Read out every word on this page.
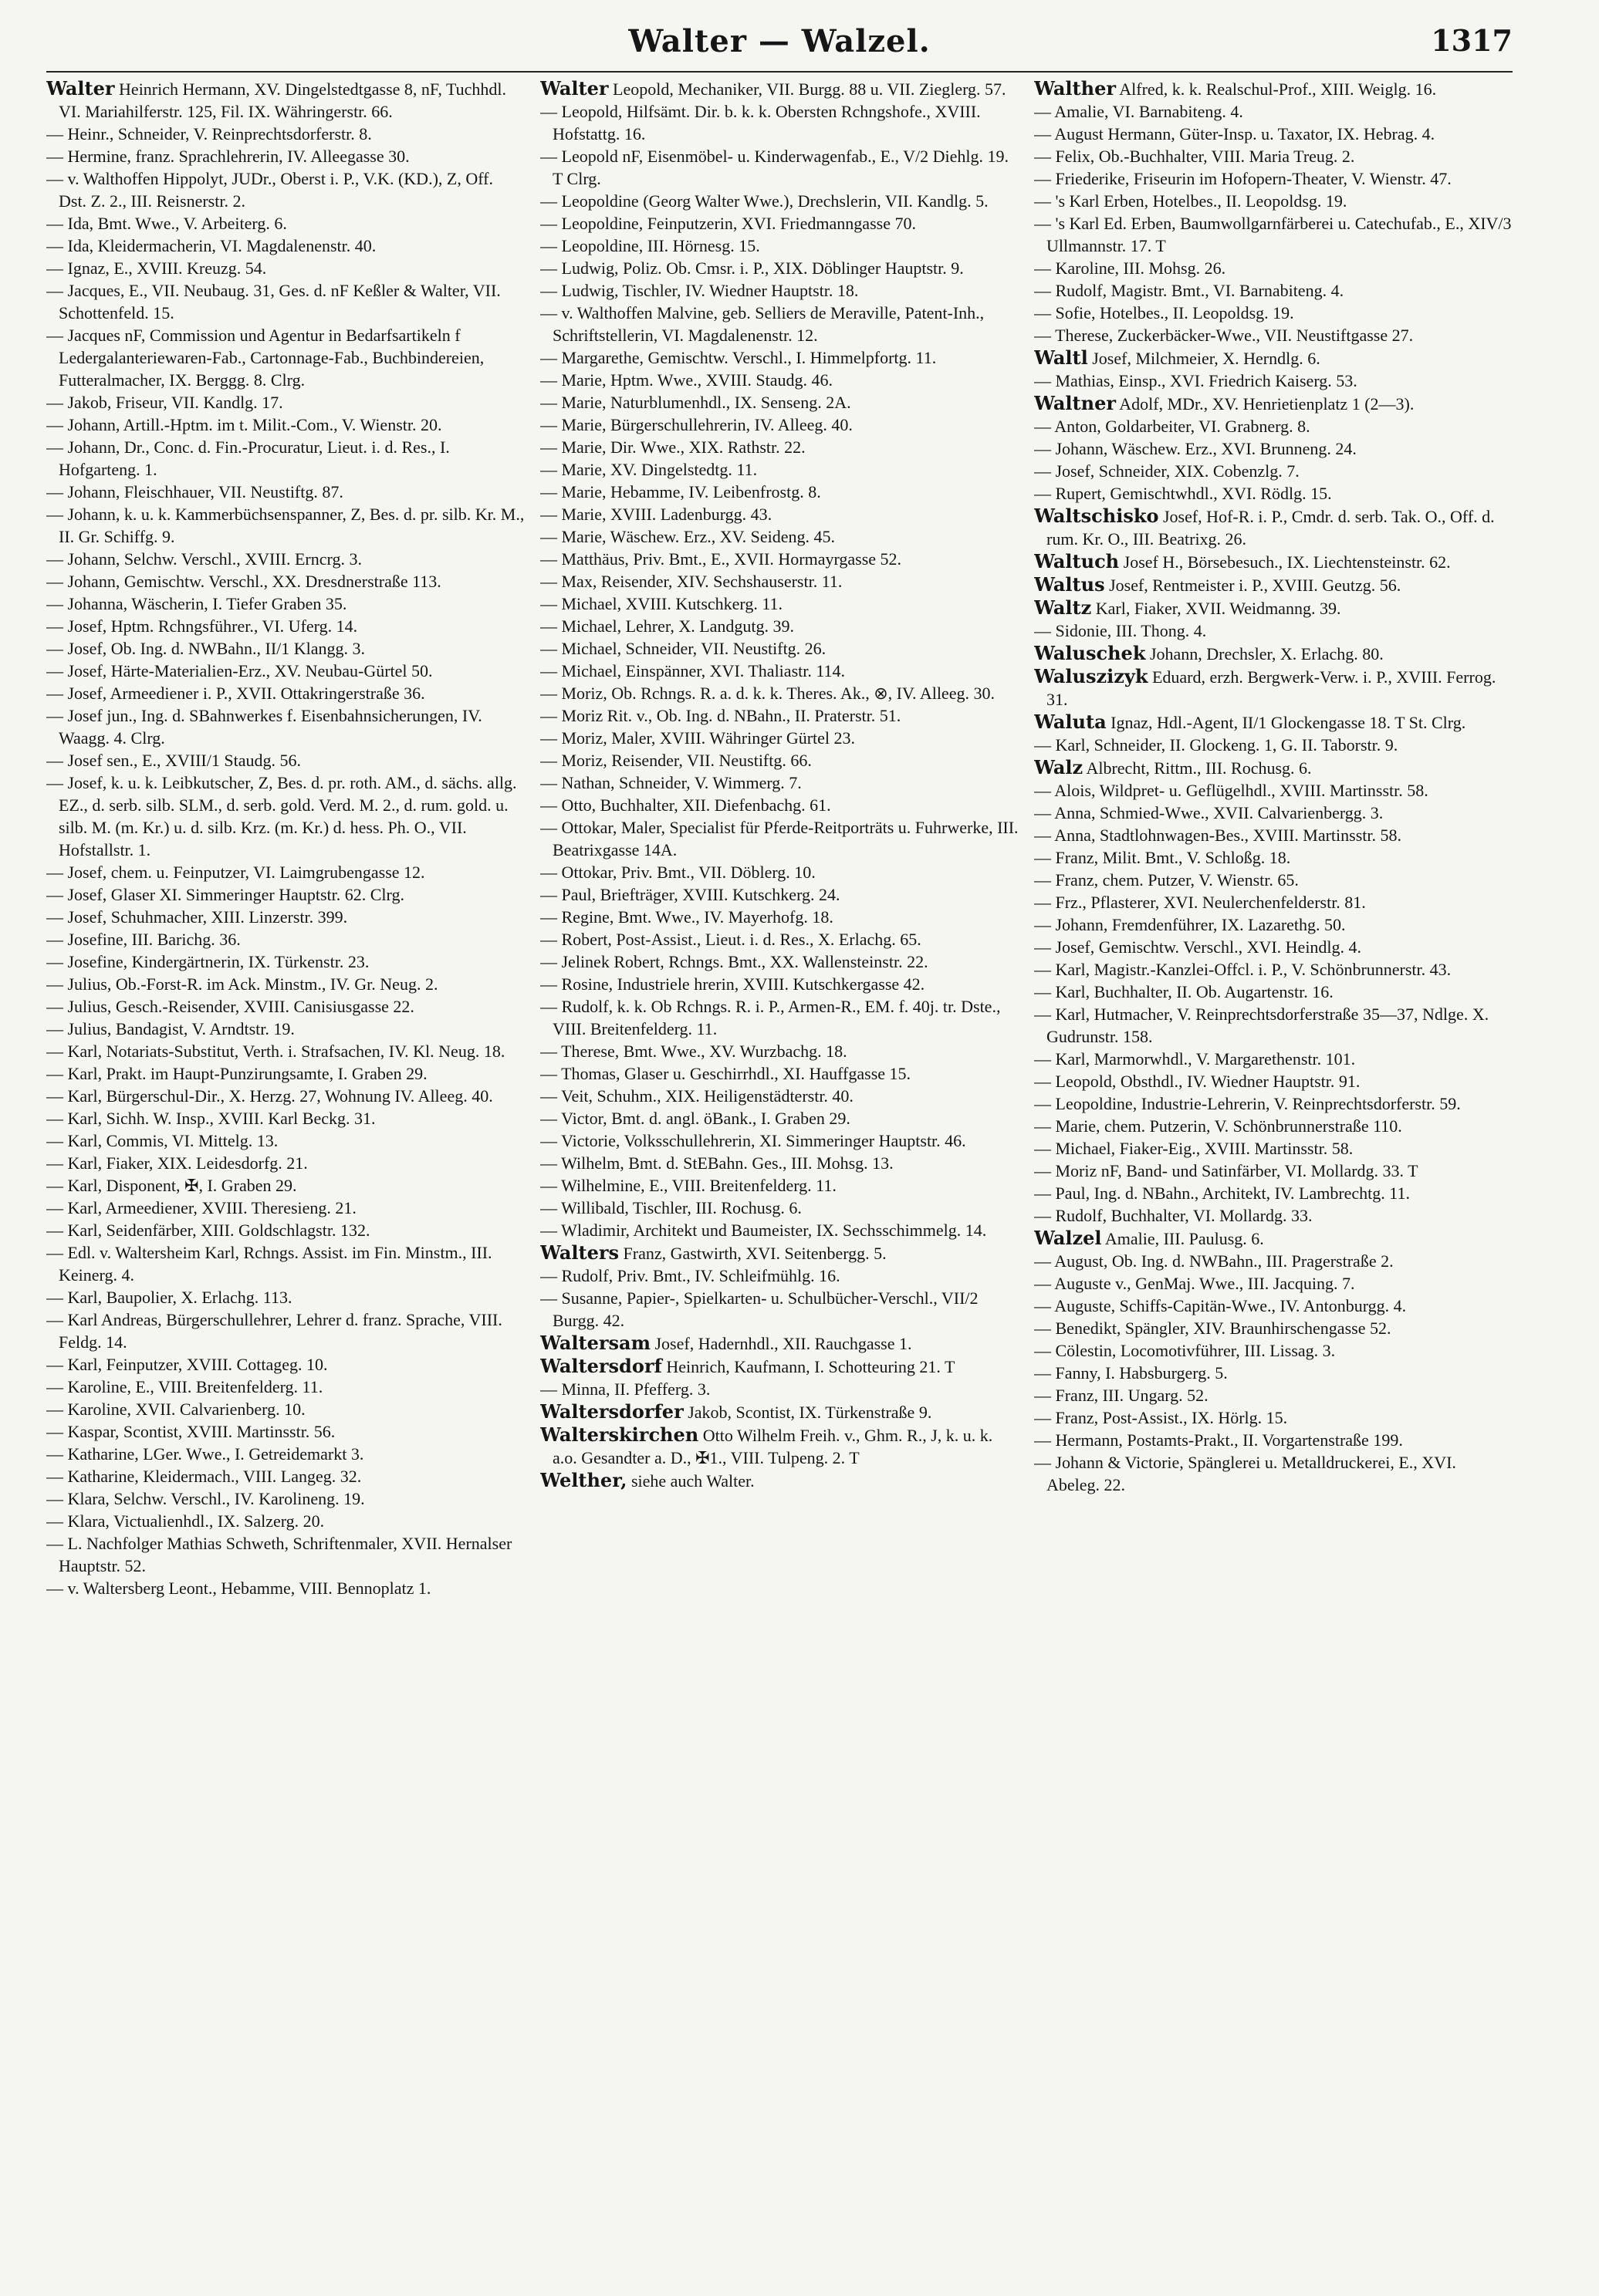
Walter — Walzel.	1317

Walter Heinrich Hermann, XV. Dingelstedtgasse 8, nF, Tuchhdl. VI. Mariahilferstr. 125, Fil. IX. Währingerstr. 66.

— Heinr., Schneider, V. Reinprechtsdorferstr. 8.

— Hermine, franz. Sprachlehrerin, IV. Alleegasse 30.

— v. Walthoffen Hippolyt, JUDr., Oberst i. P., V.K. (KD.), Z, Off. Dst. Z. 2., III. Reisnerstr. 2.

— Ida, Bmt. Wwe., V. Arbeiterg. 6.

— Ida, Kleidermacherin, VI. Magdalenenstr. 40.

— Ignaz, E., XVIII. Kreuzg. 54.

— Jacques, E., VII. Neubaug. 31, Ges. d. nF Keßler & Walter, VII. Schottenfeld. 15.

— Jacques nF, Commission und Agentur in Bedarfsartikeln f Ledergalanteriewaren-Fab., Cartonnage-Fab., Buchbindereien, Futteralmacher, IX. Berggg. 8. Clrg.

— Jakob, Friseur, VII. Kandlg. 17.

— Johann, Artill.-Hptm. im t. Milit.-Com., V. Wienstr. 20.

— Johann, Dr., Conc. d. Fin.-Procuratur, Lieut. i. d. Res., I. Hofgarteng. 1.

— Johann, Fleischhauer, VII. Neustiftg. 87.

— Johann, k. u. k. Kammerbüchsenspanner, Z, Bes. d. pr. silb. Kr. M., II. Gr. Schiffg. 9.

— Johann, Selchw. Verschl., XVIII. Erncrg. 3.

— Johann, Gemischtw. Verschl., XX. Dresdnerstraße 113.

— Johanna, Wäscherin, I. Tiefer Graben 35.

— Josef, Hptm. Rchngsführer., VI. Uferg. 14.

— Josef, Ob. Ing. d. NWBahn., II/1 Klangg. 3.

— Josef, Härte-Materialien-Erz., XV. Neubau-Gürtel 50.

— Josef, Armeediener i. P., XVII. Ottakringerstraße 36.

— Josef jun., Ing. d. SBahnwerkes f. Eisenbahnsicherungen, IV. Waagg. 4. Clrg.

— Josef sen., E., XVIII/1 Staudg. 56.

— Josef, k. u. k. Leibkutscher, Z, Bes. d. pr. roth. AM., d. sächs. allg. EZ., d. serb. silb. SLM., d. serb. gold. Verd. M. 2., d. rum. gold. u. silb. M. (m. Kr.) u. d. silb. Krz. (m. Kr.) d. hess. Ph. O., VII. Hofstallstr. 1.

— Josef, chem. u. Feinputzer, VI. Laimgrubengasse 12.

— Josef, Glaser XI. Simmeringer Hauptstr. 62. Clrg.

— Josef, Schuhmacher, XIII. Linzerstr. 399.

— Josefine, III. Barichg. 36.

— Josefine, Kindergärtnerin, IX. Türkenstr. 23.

— Julius, Ob.-Forst-R. im Ack. Minstm., IV. Gr. Neug. 2.

— Julius, Gesch.-Reisender, XVIII. Canisiusgasse 22.

— Julius, Bandagist, V. Arndtstr. 19.

— Karl, Notariats-Substitut, Verth. i. Strafsachen, IV. Kl. Neug. 18.

— Karl, Prakt. im Haupt-Punzirungsamte, I. Graben 29.

— Karl, Bürgerschul-Dir., X. Herzg. 27, Wohnung IV. Alleeg. 40.

— Karl, Sichh. W. Insp., XVIII. Karl Beckg. 31.

— Karl, Commis, VI. Mittelg. 13.

— Karl, Fiaker, XIX. Leidesdorfg. 21.

— Karl, Disponent, ✠, I. Graben 29.

— Karl, Armeediener, XVIII. Theresieng. 21.

— Karl, Seidenfärber, XIII. Goldschlagstr. 132.

— Edl. v. Waltersheim Karl, Rchngs. Assist. im Fin. Minstm., III. Keinerg. 4.

— Karl, Baupolier, X. Erlachg. 113.

— Karl Andreas, Bürgerschullehrer, Lehrer d. franz. Sprache, VIII. Feldg. 14.

— Karl, Feinputzer, XVIII. Cottageg. 10.

— Karoline, E., VIII. Breitenfelderg. 11.

— Karoline, XVII. Calvarienberg. 10.

— Kaspar, Scontist, XVIII. Martinsstr. 56.

— Katharine, LGer. Wwe., I. Getreidemarkt 3.

— Katharine, Kleidermach., VIII. Langeg. 32.

— Klara, Selchw. Verschl., IV. Karolineng. 19.

— Klara, Victualienhdl., IX. Salzerg. 20.

— L. Nachfolger Mathias Schweth, Schriftenmaler, XVII. Hernalser Hauptstr. 52.

— v. Waltersberg Leont., Hebamme, VIII. Bennoplatz 1.

Walter Leopold, Mechaniker, VII. Burgg. 88 u. VII. Zieglerg. 57.

— Leopold, Hilfsämt. Dir. b. k. k. Obersten Rchngshofe., XVIII. Hofstattg. 16.

— Leopold nF, Eisenmöbel- u. Kinderwagenfab., E., V/2 Diehlg. 19. T Clrg.

— Leopoldine (Georg Walter Wwe.), Drechslerin, VII. Kandlg. 5.

— Leopoldine, Feinputzerin, XVI. Friedmanngasse 70.

— Leopoldine, III. Hörnesg. 15.

— Ludwig, Poliz. Ob. Cmsr. i. P., XIX. Döblinger Hauptstr. 9.

— Ludwig, Tischler, IV. Wiedner Hauptstr. 18.

— v. Walthoffen Malvine, geb. Selliers de Meraville, Patent-Inh., Schriftstellerin, VI. Magdalenenstr. 12.

— Margarethe, Gemischtw. Verschl., I. Himmelpfortg. 11.

— Marie, Hptm. Wwe., XVIII. Staudg. 46.

— Marie, Naturblumenhdl., IX. Senseng. 2A.

— Marie, Bürgerschullehrerin, IV. Alleeg. 40.

— Marie, Dir. Wwe., XIX. Rathstr. 22.

— Marie, XV. Dingelstedtg. 11.

— Marie, Hebamme, IV. Leibenfrostg. 8.

— Marie, XVIII. Ladenburgg. 43.

— Marie, Wäschew. Erz., XV. Seideng. 45.

— Matthäus, Priv. Bmt., E., XVII. Hormayrgasse 52.

— Max, Reisender, XIV. Sechshauserstr. 11.

— Michael, XVIII. Kutschkerg. 11.

— Michael, Lehrer, X. Landgutg. 39.

— Michael, Schneider, VII. Neustiftg. 26.

— Michael, Einspänner, XVI. Thaliastr. 114.

— Moriz, Ob. Rchngs. R. a. d. k. k. Theres. Ak., ⊗, IV. Alleeg. 30.

— Moriz Rit. v., Ob. Ing. d. NBahn., II. Praterstr. 51.

— Moriz, Maler, XVIII. Währinger Gürtel 23.

— Moriz, Reisender, VII. Neustiftg. 66.

— Nathan, Schneider, V. Wimmerg. 7.

— Otto, Buchhalter, XII. Diefenbachg. 61.

— Ottokar, Maler, Specialist für Pferde-Reitporträts u. Fuhrwerke, III. Beatrixgasse 14A.

— Ottokar, Priv. Bmt., VII. Döblerg. 10.

— Paul, Briefträger, XVIII. Kutschkerg. 24.

— Regine, Bmt. Wwe., IV. Mayerhofg. 18.

— Robert, Post-Assist., Lieut. i. d. Res., X. Erlachg. 65.

— Jelinek Robert, Rchngs. Bmt., XX. Wallensteinstr. 22.

— Rosine, Industriele hrerin, XVIII. Kutschkergasse 42.

— Rudolf, k. k. Ob Rchngs. R. i. P., Armen-R., EM. f. 40j. tr. Dste., VIII. Breitenfelderg. 11.

— Therese, Bmt. Wwe., XV. Wurzbachg. 18.

— Thomas, Glaser u. Geschirrhdl., XI. Hauffgasse 15.

— Veit, Schuhm., XIX. Heiligenstädterstr. 40.

— Victor, Bmt. d. angl. öBank., I. Graben 29.

— Victorie, Volksschullehrerin, XI. Simmeringer Hauptstr. 46.

— Wilhelm, Bmt. d. StEBahn. Ges., III. Mohsg. 13.

— Wilhelmine, E., VIII. Breitenfelderg. 11.

— Willibald, Tischler, III. Rochusg. 6.

— Wladimir, Architekt und Baumeister, IX. Sechsschimmelg. 14.

Walters Franz, Gastwirth, XVI. Seitenbergg. 5.

— Rudolf, Priv. Bmt., IV. Schleifmühlg. 16.

— Susanne, Papier-, Spielkarten- u. Schulbücher-Verschl., VII/2 Burgg. 42.

Waltersam Josef, Hadernhdl., XII. Rauchgasse 1.

Waltersdorf Heinrich, Kaufmann, I. Schotteuring 21. T

— Minna, II. Pfefferg. 3.

Waltersdorfer Jakob, Scontist, IX. Türkenstraße 9.

Walterskirchen Otto Wilhelm Freih. v., Ghm. R., J, k. u. k. a.o. Gesandter a. D., ✠1., VIII. Tulpeng. 2. T

Welther, siehe auch Walter.

Walther Alfred, k. k. Realschul-Prof., XIII. Weiglg. 16.

— Amalie, VI. Barnabiteng. 4.

— August Hermann, Güter-Insp. u. Taxator, IX. Hebrag. 4.

— Felix, Ob.-Buchhalter, VIII. Maria Treug. 2.

— Friederike, Friseurin im Hofopern-Theater, V. Wienstr. 47.

— 's Karl Erben, Hotelbes., II. Leopoldsg. 19.

— 's Karl Ed. Erben, Baumwollgarnfärberei u. Catechufab., E., XIV/3 Ullmannstr. 17. T

— Karoline, III. Mohsg. 26.

— Rudolf, Magistr. Bmt., VI. Barnabiteng. 4.

— Sofie, Hotelbes., II. Leopoldsg. 19.

— Therese, Zuckerbäcker-Wwe., VII. Neustiftgasse 27.

Waltl Josef, Milchmeier, X. Herndlg. 6.

— Mathias, Einsp., XVI. Friedrich Kaiserg. 53.

Waltner Adolf, MDr., XV. Henrietienplatz 1 (2—3).

— Anton, Goldarbeiter, VI. Grabnerg. 8.

— Johann, Wäschew. Erz., XVI. Brunneng. 24.

— Josef, Schneider, XIX. Cobenzlg. 7.

— Rupert, Gemischtwhdl., XVI. Rödlg. 15.

Waltschisko Josef, Hof-R. i. P., Cmdr. d. serb. Tak. O., Off. d. rum. Kr. O., III. Beatrixg. 26.

Waltuch Josef H., Börsebesuch., IX. Liechtensteinstr. 62.

Waltus Josef, Rentmeister i. P., XVIII. Geutzg. 56.

Waltz Karl, Fiaker, XVII. Weidmanng. 39.

— Sidonie, III. Thong. 4.

Waluschek Johann, Drechsler, X. Erlachg. 80.

Waluszizyk Eduard, erzh. Bergwerk-Verw. i. P., XVIII. Ferrog. 31.

Waluta Ignaz, Hdl.-Agent, II/1 Glockengasse 18. T St. Clrg.

— Karl, Schneider, II. Glockeng. 1, G. II. Taborstr. 9.

Walz Albrecht, Rittm., III. Rochusg. 6.

— Alois, Wildpret- u. Geflügelhdl., XVIII. Martinsstr. 58.

— Anna, Schmied-Wwe., XVII. Calvarienbergg. 3.

— Anna, Stadtlohnwagen-Bes., XVIII. Martinsstr. 58.

— Franz, Milit. Bmt., V. Schloßg. 18.

— Franz, chem. Putzer, V. Wienstr. 65.

— Frz., Pflasterer, XVI. Neulerchenfelderstr. 81.

— Johann, Fremdenführer, IX. Lazarethg. 50.

— Josef, Gemischtw. Verschl., XVI. Heindlg. 4.

— Karl, Magistr.-Kanzlei-Offcl. i. P., V. Schönbrunnerstr. 43.

— Karl, Buchhalter, II. Ob. Augartenstr. 16.

— Karl, Hutmacher, V. Reinprechtsdorferstraße 35—37, Ndlge. X. Gudrunstr. 158.

— Karl, Marmorwhdl., V. Margarethenstr. 101.

— Leopold, Obsthdl., IV. Wiedner Hauptstr. 91.

— Leopoldine, Industrie-Lehrerin, V. Reinprechtsdorferstr. 59.

— Marie, chem. Putzerin, V. Schönbrunnerstraße 110.

— Michael, Fiaker-Eig., XVIII. Martinsstr. 58.

— Moriz nF, Band- und Satinfärber, VI. Mollardg. 33. T

— Paul, Ing. d. NBahn., Architekt, IV. Lambrechtg. 11.

— Rudolf, Buchhalter, VI. Mollardg. 33.

Walzel Amalie, III. Paulusg. 6.

— August, Ob. Ing. d. NWBahn., III. Pragerstraße 2.

— Auguste v., GenMaj. Wwe., III. Jacquing. 7.

— Auguste, Schiffs-Capitän-Wwe., IV. Antonburgg. 4.

— Benedikt, Spängler, XIV. Braunhirschengasse 52.

— Cölestin, Locomotivführer, III. Lissag. 3.

— Fanny, I. Habsburgerg. 5.

— Franz, III. Ungarg. 52.

— Franz, Post-Assist., IX. Hörlg. 15.

— Hermann, Postamts-Prakt., II. Vorgartenstraße 199.

— Johann & Victorie, Spänglerei u. Metalldruckerei, E., XVI. Abeleg. 22.
